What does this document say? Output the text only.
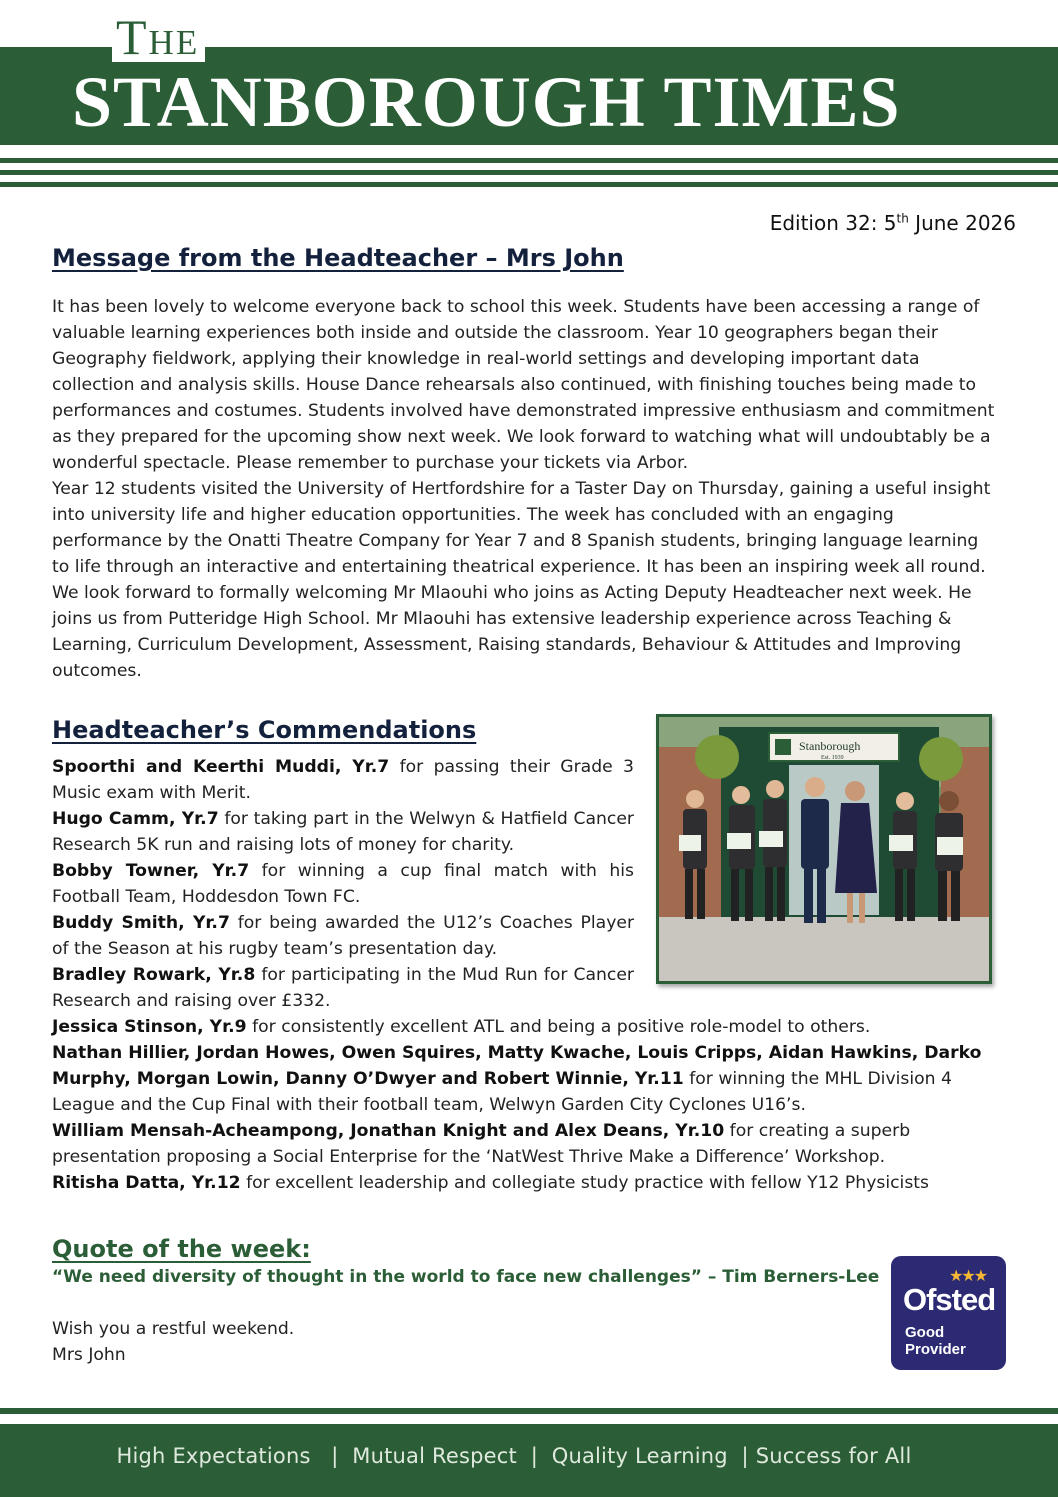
The

STANBOROUGH TIMES

Edition 32: 5th June 2026

Message from the Headteacher – Mrs John

It has been lovely to welcome everyone back to school this week. Students have been accessing a range of valuable learning experiences both inside and outside the classroom. Year 10 geographers began their Geography fieldwork, applying their knowledge in real-world settings and developing important data collection and analysis skills. House Dance rehearsals also continued, with finishing touches being made to performances and costumes. Students involved have demonstrated impressive enthusiasm and commitment as they prepared for the upcoming show next week. We look forward to watching what will undoubtably be a wonderful spectacle. Please remember to purchase your tickets via Arbor.

Year 12 students visited the University of Hertfordshire for a Taster Day on Thursday, gaining a useful insight into university life and higher education opportunities. The week has concluded with an engaging performance by the Onatti Theatre Company for Year 7 and 8 Spanish students, bringing language learning to life through an interactive and entertaining theatrical experience. It has been an inspiring week all round.

We look forward to formally welcoming Mr Mlaouhi who joins as Acting Deputy Headteacher next week. He joins us from Putteridge High School. Mr Mlaouhi has extensive leadership experience across Teaching & Learning, Curriculum Development, Assessment, Raising standards, Behaviour & Attitudes and Improving outcomes.

Headteacher’s Commendations
Stanborough
Est. 1939

Spoorthi and Keerthi Muddi, Yr.7 for passing their Grade 3 Music exam with Merit.

Hugo Camm, Yr.7 for taking part in the Welwyn & Hatfield Cancer Research 5K run and raising lots of money for charity.

Bobby Towner, Yr.7 for winning a cup final match with his Football Team, Hoddesdon Town FC.

Buddy Smith, Yr.7 for being awarded the U12’s Coaches Player of the Season at his rugby team’s presentation day.

Bradley Rowark, Yr.8 for participating in the Mud Run for Cancer Research and raising over £332.

Jessica Stinson, Yr.9 for consistently excellent ATL and being a positive role-model to others.

Nathan Hillier, Jordan Howes, Owen Squires, Matty Kwache, Louis Cripps, Aidan Hawkins, Darko Murphy, Morgan Lowin, Danny O’Dwyer and Robert Winnie, Yr.11 for winning the MHL Division 4 League and the Cup Final with their football team, Welwyn Garden City Cyclones U16’s.

William Mensah-Acheampong, Jonathan Knight and Alex Deans, Yr.10 for creating a superb presentation proposing a Social Enterprise for the ‘NatWest Thrive Make a Difference’ Workshop.

Ritisha Datta, Yr.12 for excellent leadership and collegiate study practice with fellow Y12 Physicists

Quote of the week:

“We need diversity of thought in the world to face new challenges” – Tim Berners-Lee

Wish you a restful weekend.

Mrs John

★★★
Ofsted
Good
Provider

High Expectations   |  Mutual Respect  |  Quality Learning  | Success for All
